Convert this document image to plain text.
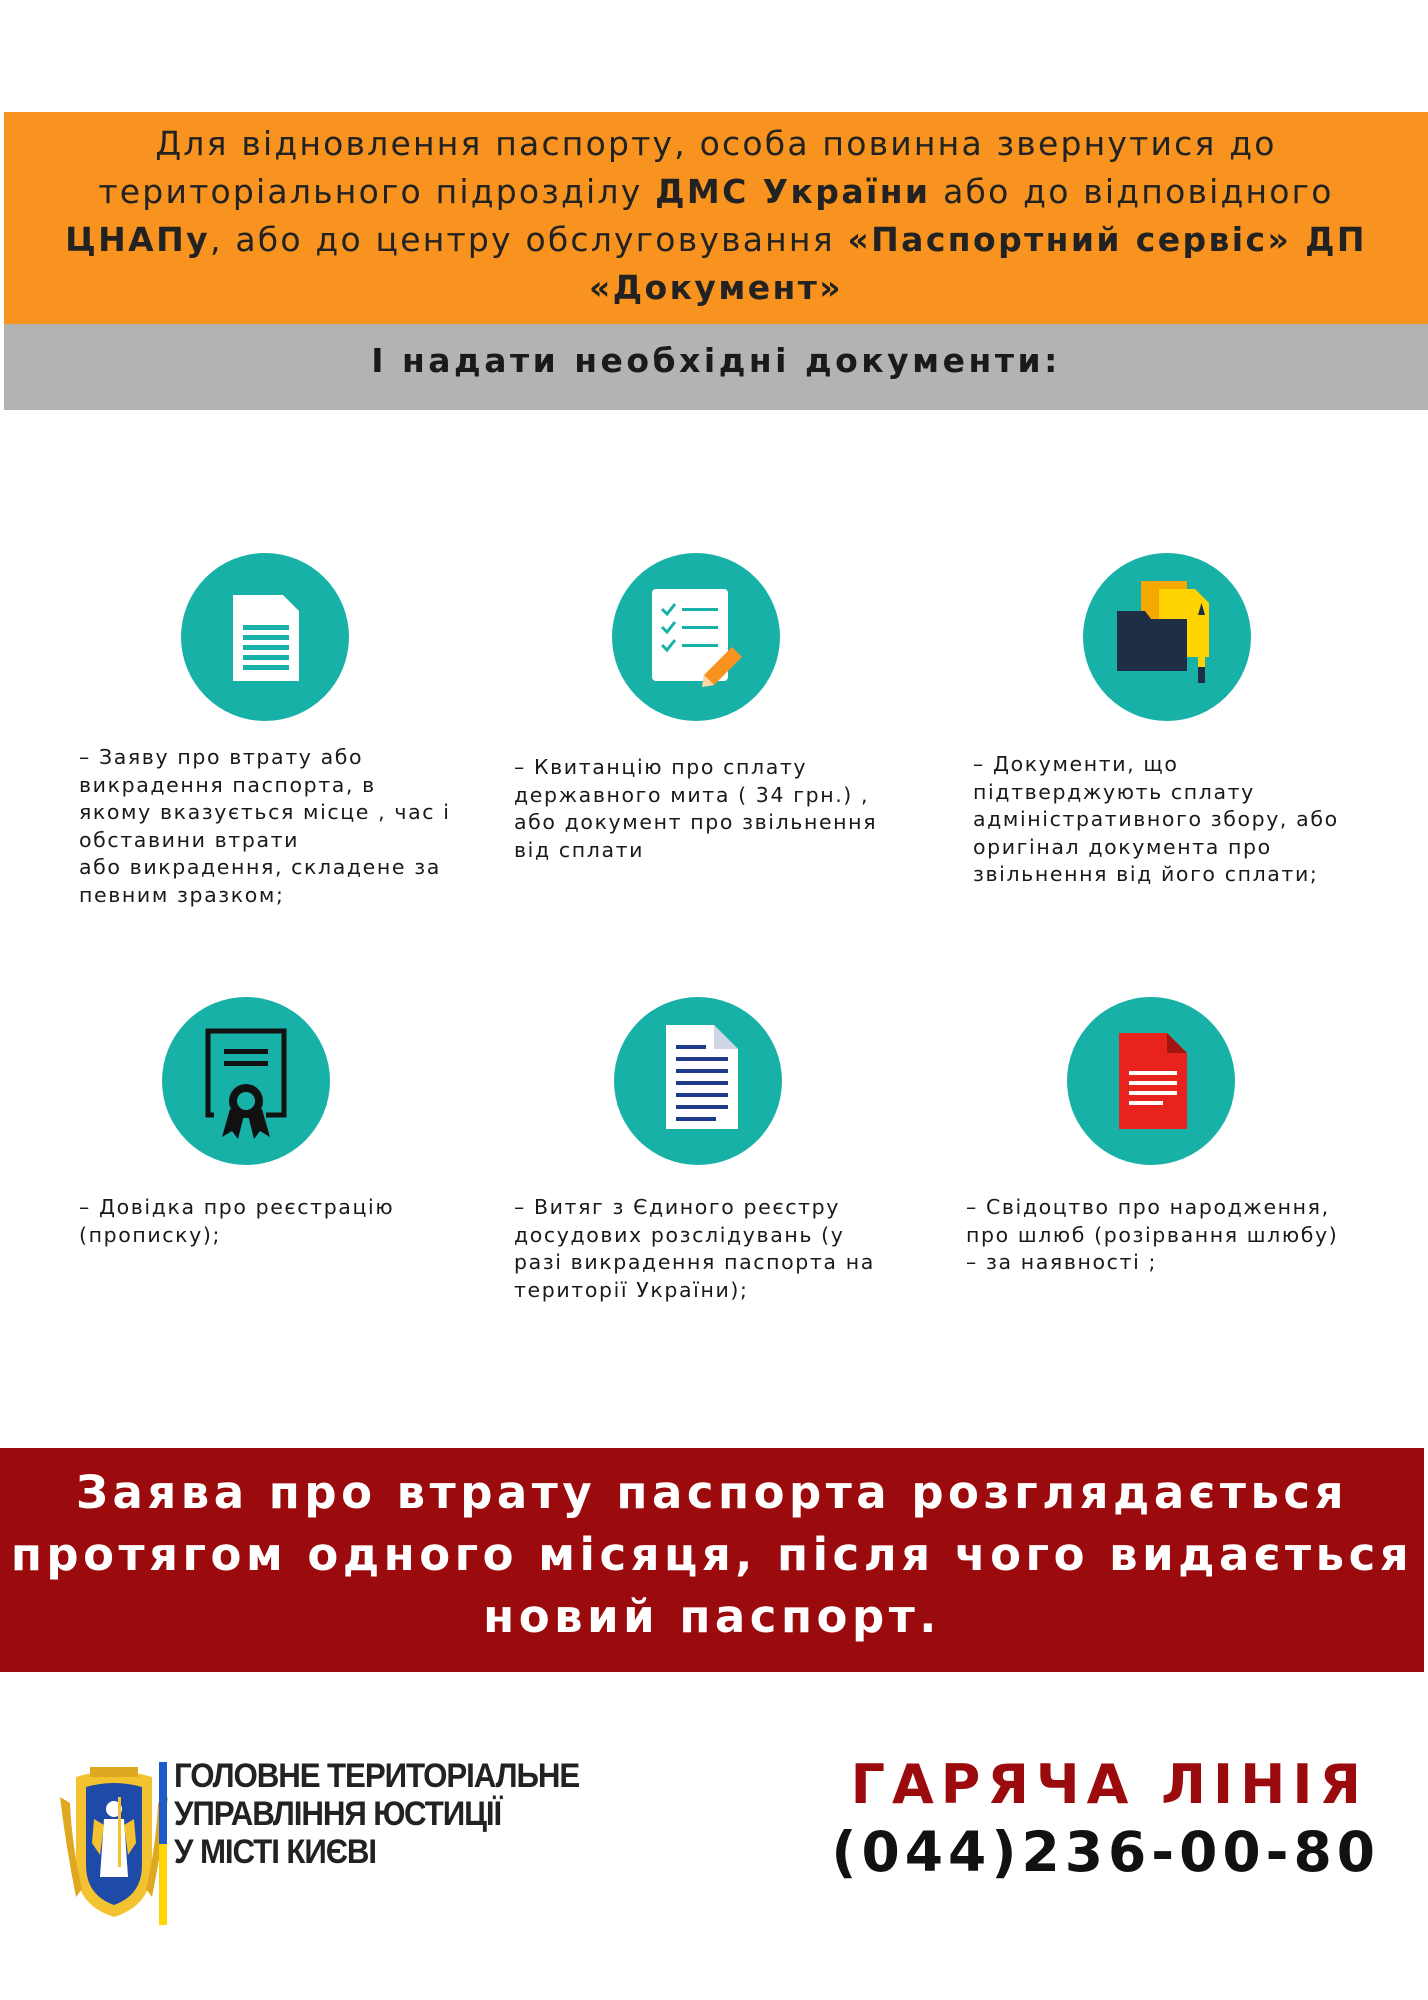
Для відновлення паспорту, особа повинна звернутися до територіального підрозділу ДМС України або до відповідного
ЦНАПу, або до центру обслуговування «Паспортний сервіс» ДП «Документ»
І надати необхідні документи:
– Заяву про втрату або
викрадення паспорта, в
якому вказується місце , час і
обставини втрати
або викрадення, складене за
певним зразком;
– Квитанцію про сплату
державного мита ( 34 грн.) ,
або документ про звільнення
від сплати
– Документи, що
підтверджують сплату
адміністративного збору, або
оригінал документа про
звільнення від його сплати;
– Довідка про реєстрацію
(прописку);
– Витяг з Єдиного реєстру
досудових розслідувань (у
разі викрадення паспорта на
території України);
– Свідоцтво про народження,
про шлюб (розірвання шлюбу)
– за наявності ;
Заява про втрату паспорта розглядається протягом одного місяця, після чого видається новий паспорт.
ГОЛОВНЕ ТЕРИТОРІАЛЬНЕ
УПРАВЛІННЯ ЮСТИЦІЇ
У МІСТІ КИЄВІ
ГАРЯЧА ЛІНІЯ
(044)236-00-80
